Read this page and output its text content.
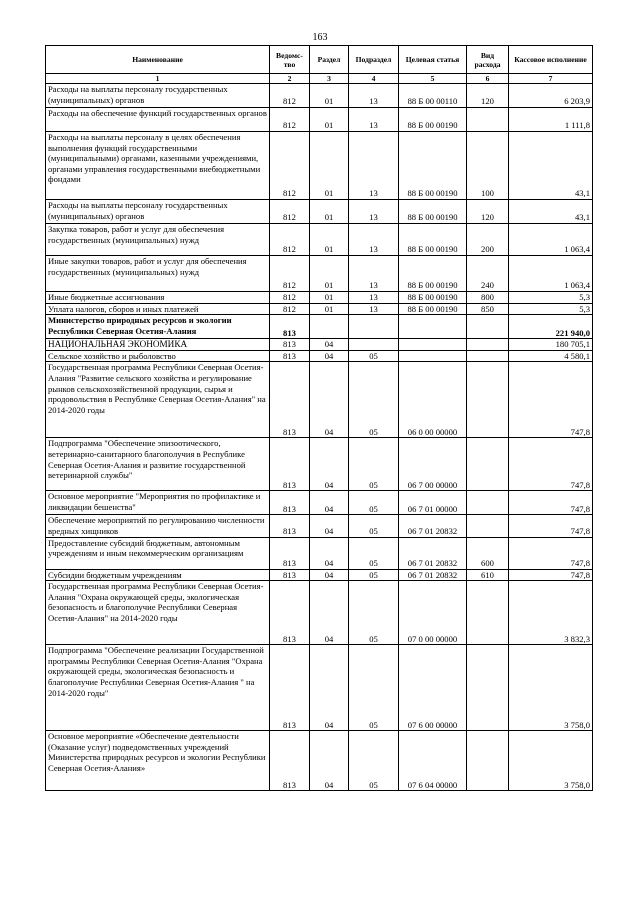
163
Наименование	Ведомс-тво	Раздел	Подраздел	Целевая статья	Вид расхода	Кассовое исполнение
1	2	3	4	5	6	7
Расходы на выплаты персоналу государственных (муниципальных) органов	812	01	13	88 Б 00 00110	120	6 203,9
Расходы на обеспечение функций государственных органов	812	01	13	88 Б 00 00190		1 111,8
Расходы на выплаты персоналу в целях обеспечения выполнения функций государственными (муниципальными) органами, казенными учреждениями, органами управления государственными внебюджетными фондами	812	01	13	88 Б 00 00190	100	43,1
Расходы на выплаты персоналу государственных (муниципальных) органов	812	01	13	88 Б 00 00190	120	43,1
Закупка товаров, работ и услуг для обеспечения государственных (муниципальных) нужд	812	01	13	88 Б 00 00190	200	1 063,4
Иные закупки товаров, работ и услуг для обеспечения государственных (муниципальных) нужд	812	01	13	88 Б 00 00190	240	1 063,4
Иные бюджетные ассигнования	812	01	13	88 Б 00 00190	800	5,3
Уплата налогов, сборов и иных платежей	812	01	13	88 Б 00 00190	850	5,3
Министерство природных ресурсов и экологии Республики Северная Осетия-Алания	813					221 940,0
НАЦИОНАЛЬНАЯ ЭКОНОМИКА	813	04				180 705,1
Сельское хозяйство и рыболовство	813	04	05			4 580,1
Государственная программа Республики Северная Осетия-Алания "Развитие сельского хозяйства и регулирование рынков сельскохозяйственной продукции, сырья и продовольствия в Республике Северная Осетия-Алания" на 2014-2020 годы	813	04	05	06 0 00 00000		747,8
Подпрограмма "Обеспечение эпизоотического, ветеринарно-санитарного благополучия в Республике Северная Осетия-Алания и развитие государственной ветеринарной службы"	813	04	05	06 7 00 00000		747,8
Основное мероприятие "Мероприятия по профилактике и ликвидации бешенства"	813	04	05	06 7 01 00000		747,8
Обеспечение мероприятий по регулированию численности вредных хищников	813	04	05	06 7 01 20832		747,8
Предоставление субсидий бюджетным, автономным учреждениям и иным некоммерческим организациям	813	04	05	06 7 01 20832	600	747,8
Субсидии бюджетным учреждениям	813	04	05	06 7 01 20832	610	747,8
Государственная программа Республики Северная Осетия-Алания "Охрана окружающей среды, экологическая безопасность и благополучие Республики Северная Осетия-Алания" на 2014-2020 годы	813	04	05	07 0 00 00000		3 832,3
Подпрограмма "Обеспечение реализации Государственной программы Республики Северная Осетия-Алания "Охрана окружающей среды, экологическая безопасность и благополучие Республики Северная Осетия-Алания " на 2014-2020 годы"	813	04	05	07 6 00 00000		3 758,0
Основное мероприятие «Обеспечение деятельности (Оказание услуг) подведомственных учреждений Министерства природных ресурсов и экологии Республики Северная Осетия-Алания»	813	04	05	07 6 04 00000		3 758,0
